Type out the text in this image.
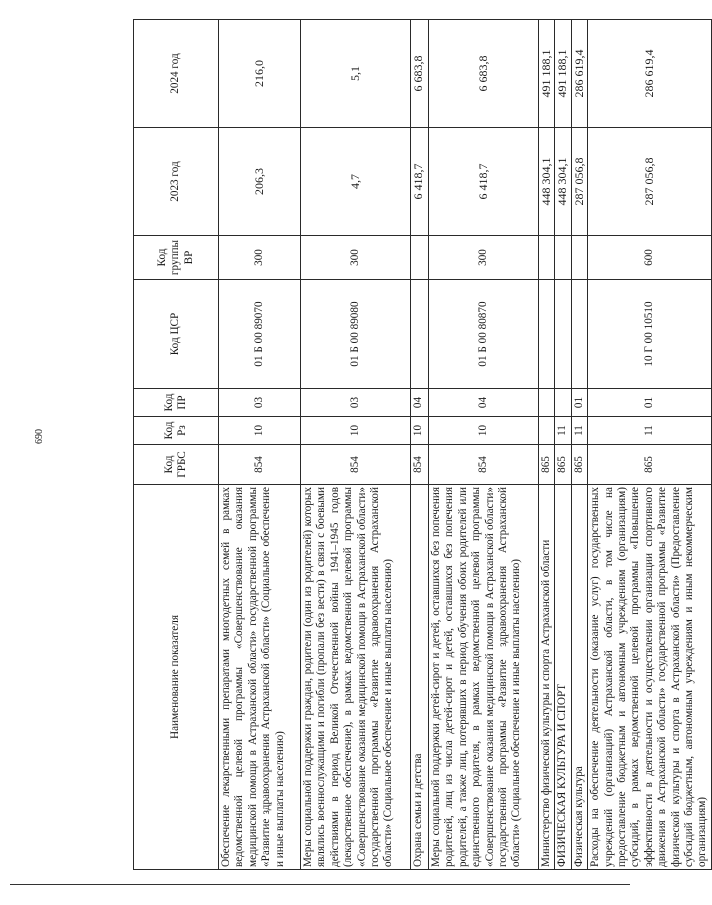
690
Наименование показателя	Код ГРБС	Код Рз	Код ПР	Код ЦСР	Код группы ВР	2023 год	2024 год
Обеспечение лекарственными препаратами многодетных семей в рамках ведомственной целевой программы «Совершенствование оказания медицинской помощи в Астраханской области» государственной программы «Развитие здравоохранения Астраханской области» (Социальное обеспечение и иные выплаты населению)	854	10	03	01 Б 00 89070	300	206,3	216,0
Меры социальной поддержки граждан, родители (один из родителей) которых являлись военнослужащими и погибли (пропали без вести) в связи с боевыми действиями в период Великой Отечественной войны 1941–1945 годов (лекарственное обеспечение), в рамках ведомственной целевой программы «Совершенствование оказания медицинской помощи в Астраханской области» государственной программы «Развитие здравоохранения Астраханской области» (Социальное обеспечение и иные выплаты населению)	854	10	03	01 Б 00 89080	300	4,7	5,1
Охрана семьи и детства	854	10	04			6 418,7	6 683,8
Меры социальной поддержки детей-сирот и детей, оставшихся без попечения родителей, лиц из числа детей-сирот и детей, оставшихся без попечения родителей, а также лиц, потерявших в период обучения обоих родителей или единственного родителя, в рамках ведомственной целевой программы «Совершенствование оказания медицинской помощи в Астраханской области» государственной программы «Развитие здравоохранения Астраханской области» (Социальное обеспечение и иные выплаты населению)	854	10	04	01 Б 00 80870	300	6 418,7	6 683,8
Министерство физической культуры и спорта Астраханской области	865					448 304,1	491 188,1
ФИЗИЧЕСКАЯ КУЛЬТУРА И СПОРТ	865	11				448 304,1	491 188,1
Физическая культура	865	11	01			287 056,8	286 619,4
Расходы на обеспечение деятельности (оказание услуг) государственных учреждений (организаций) Астраханской области, в том числе на предоставление бюджетным и автономным учреждениям (организациям) субсидий, в рамках ведомственной целевой программы «Повышение эффективности в деятельности и осуществлении организации спортивного движения в Астраханской области» государственной программы «Развитие физической культуры и спорта в Астраханской области» (Предоставление субсидий бюджетным, автономным учреждениям и иным некоммерческим организациям)	865	11	01	10 Г 00 10510	600	287 056,8	286 619,4
